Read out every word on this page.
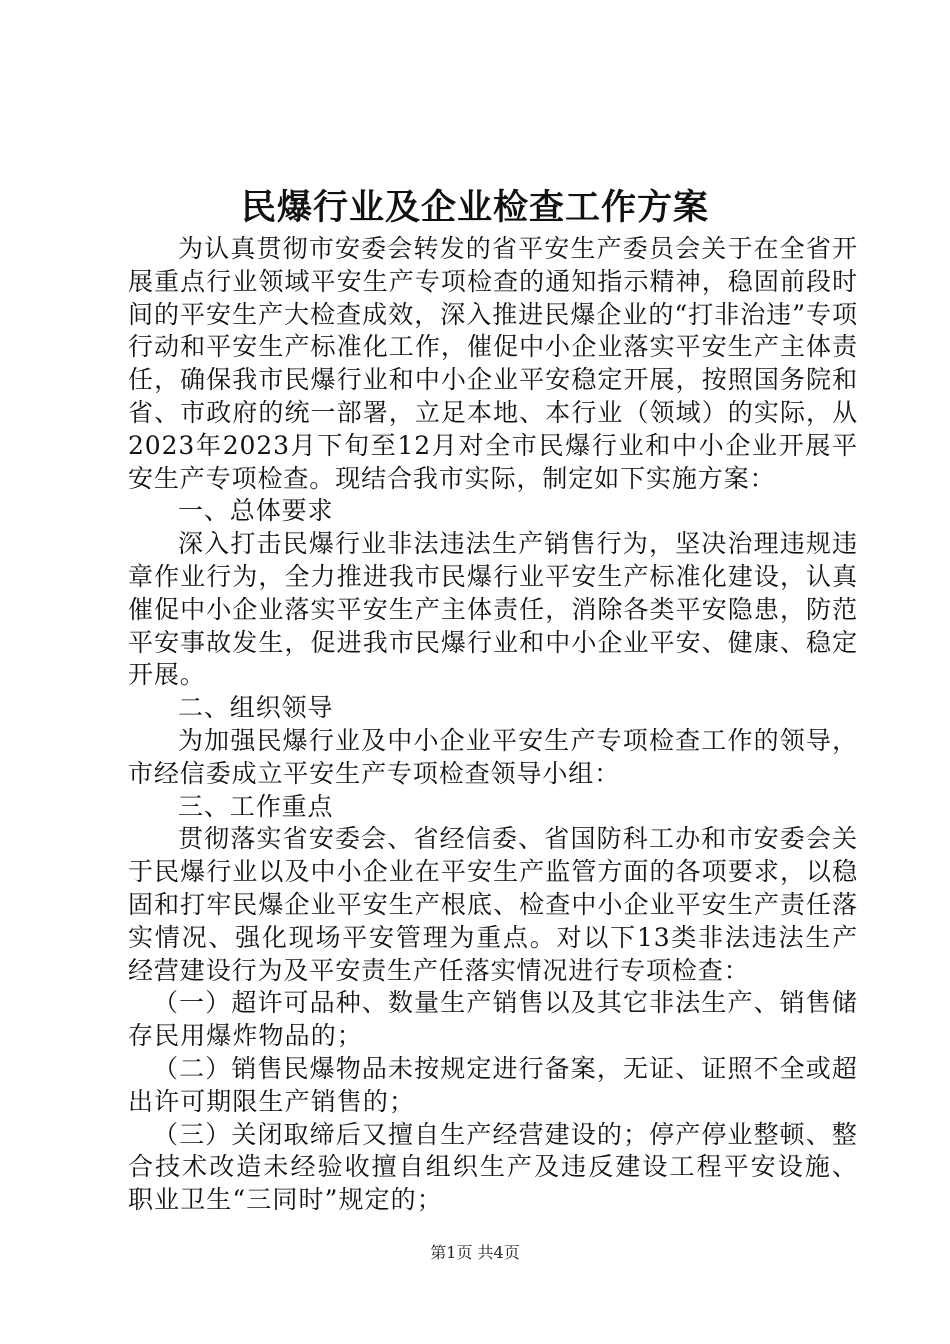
民爆行业及企业检查工作方案

为认真贯彻市安委会转发的省平安生产委员会关于在全省开展重点行业领域平安生产专项检查的通知指示精神，稳固前段时间的平安生产大检查成效，深入推进民爆企业的“打非治违”专项行动和平安生产标准化工作，催促中小企业落实平安生产主体责任，确保我市民爆行业和中小企业平安稳定开展，按照国务院和省、市政府的统一部署，立足本地、本行业（领域）的实际，从2023年2023月下旬至12月对全市民爆行业和中小企业开展平安生产专项检查。现结合我市实际，制定如下实施方案：

一、总体要求

深入打击民爆行业非法违法生产销售行为，坚决治理违规违章作业行为，全力推进我市民爆行业平安生产标准化建设，认真催促中小企业落实平安生产主体责任，消除各类平安隐患，防范平安事故发生，促进我市民爆行业和中小企业平安、健康、稳定开展。

二、组织领导

为加强民爆行业及中小企业平安生产专项检查工作的领导，市经信委成立平安生产专项检查领导小组：

三、工作重点

贯彻落实省安委会、省经信委、省国防科工办和市安委会关于民爆行业以及中小企业在平安生产监管方面的各项要求，以稳固和打牢民爆企业平安生产根底、检查中小企业平安生产责任落实情况、强化现场平安管理为重点。对以下13类非法违法生产经营建设行为及平安责生产任落实情况进行专项检查：

（一）超许可品种、数量生产销售以及其它非法生产、销售储存民用爆炸物品的；

（二）销售民爆物品未按规定进行备案，无证、证照不全或超出许可期限生产销售的；

（三）关闭取缔后又擅自生产经营建设的；停产停业整顿、整合技术改造未经验收擅自组织生产及违反建设工程平安设施、职业卫生“三同时”规定的；

第1页 共4页
